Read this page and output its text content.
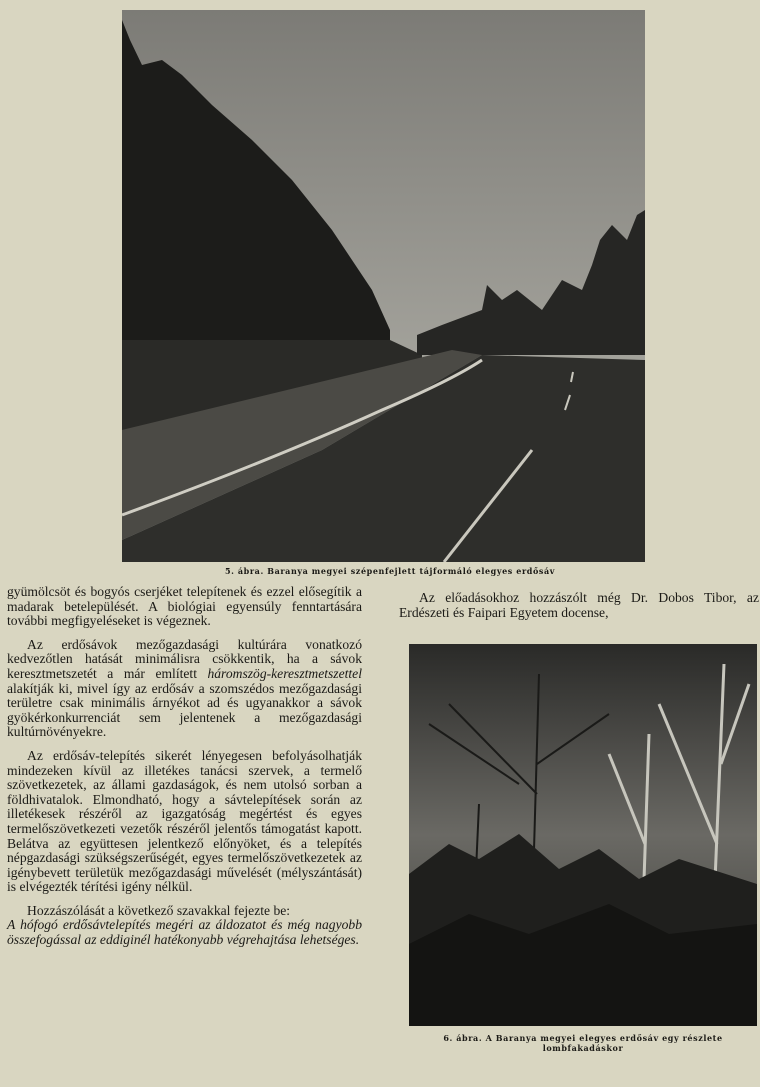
5. ábra. Baranya megyei szépenfejlett tájformáló elegyes erdősáv

gyümölcsöt és bogyós cserjéket telepítenek és ezzel elősegítik a madarak betelepülését. A biológiai egyensúly fenntartására további megfigyeléseket is végeznek.

Az erdősávok mezőgazdasági kultúrára vonatkozó kedvezőtlen hatását minimálisra csökkentik, ha a sávok keresztmetszetét a már említett háromszög-keresztmetszettel alakítják ki, mivel így az erdősáv a szomszédos mezőgazdasági területre csak minimális árnyékot ad és ugyanakkor a sávok gyökérkonkurrenciát sem jelentenek a mezőgazdasági kultúrnövényekre.

Az erdősáv-telepítés sikerét lényegesen befolyásolhatják mindezeken kívül az illetékes tanácsi szervek, a termelő szövetkezetek, az állami gazdaságok, és nem utolsó sorban a földhivatalok. Elmondható, hogy a sávtelepítések során az illetékesek részéről az igazgatóság megértést és egyes termelőszövetkezeti vezetők részéről jelentős támogatást kapott. Belátva az együttesen jelentkező előnyöket, és a telepítés népgazdasági szükségszerűségét, egyes termelőszövetkezetek az igénybevett területük mezőgazdasági művelését (mélyszántását) is elvégezték térítési igény nélkül.

Hozzászólását a következő szavakkal fejezte be:
A hófogó erdősávtelepítés megéri az áldozatot és még nagyobb összefogással az eddiginél hatékonyabb végrehajtása lehetséges.

Az előadásokhoz hozzászólt még Dr. Dobos Tibor, az Erdészeti és Faipari Egyetem docense,

6. ábra. A Baranya megyei elegyes erdősáv egy részlete
lombfakadáskor
